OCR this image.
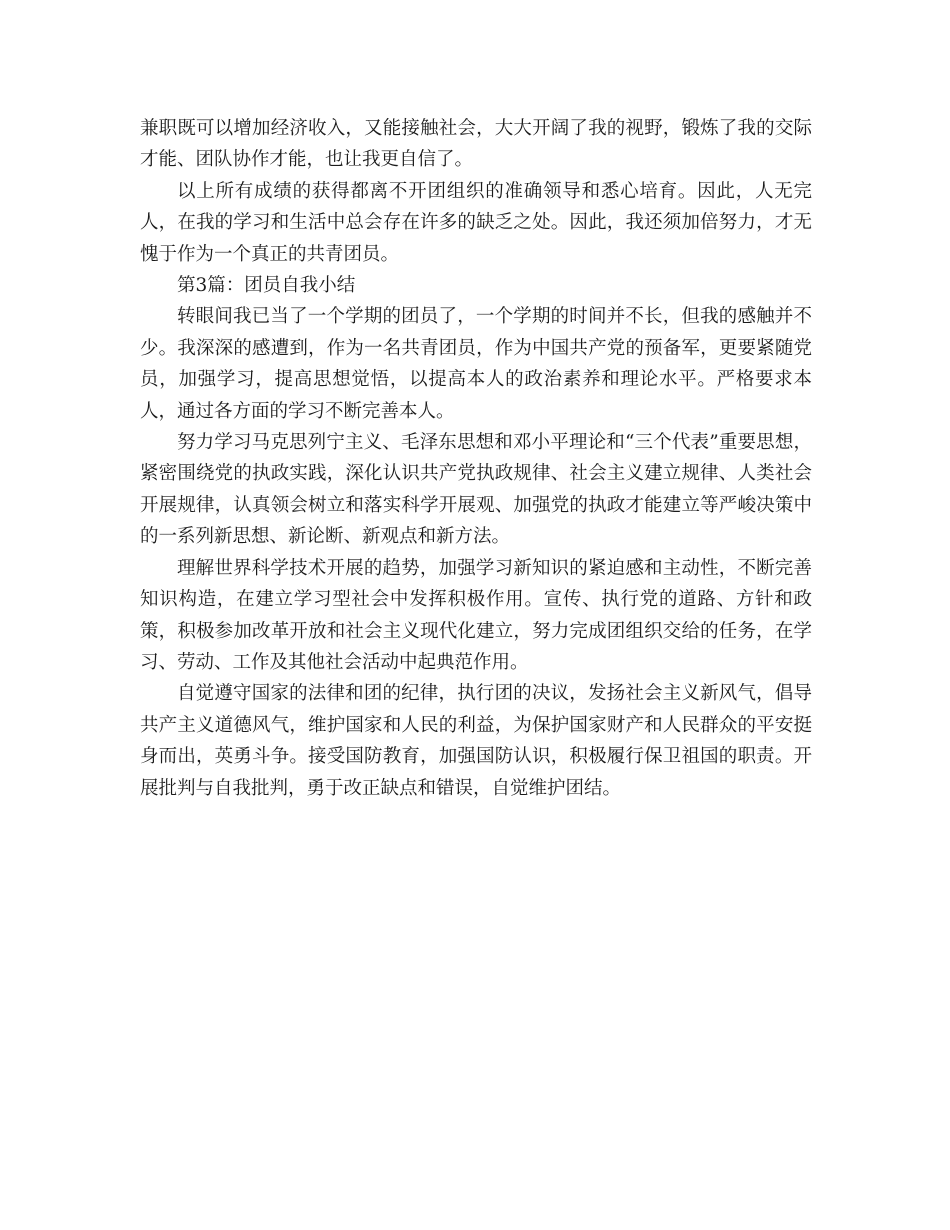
兼职既可以增加经济收入，又能接触社会，大大开阔了我的视野，锻炼了我的交际才能、团队协作才能，也让我更自信了。

以上所有成绩的获得都离不开团组织的准确领导和悉心培育。因此，人无完人，在我的学习和生活中总会存在许多的缺乏之处。因此，我还须加倍努力，才无愧于作为一个真正的共青团员。

第3篇：团员自我小结

转眼间我已当了一个学期的团员了，一个学期的时间并不长，但我的感触并不少。我深深的感遭到，作为一名共青团员，作为中国共产党的预备军，更要紧随党员，加强学习，提高思想觉悟，以提高本人的政治素养和理论水平。严格要求本人，通过各方面的学习不断完善本人。

努力学习马克思列宁主义、毛泽东思想和邓小平理论和“三个代表”重要思想，紧密围绕党的执政实践，深化认识共产党执政规律、社会主义建立规律、人类社会开展规律，认真领会树立和落实科学开展观、加强党的执政才能建立等严峻决策中的一系列新思想、新论断、新观点和新方法。

理解世界科学技术开展的趋势，加强学习新知识的紧迫感和主动性，不断完善知识构造，在建立学习型社会中发挥积极作用。宣传、执行党的道路、方针和政策，积极参加改革开放和社会主义现代化建立，努力完成团组织交给的任务，在学习、劳动、工作及其他社会活动中起典范作用。

自觉遵守国家的法律和团的纪律，执行团的决议，发扬社会主义新风气，倡导共产主义道德风气，维护国家和人民的利益，为保护国家财产和人民群众的平安挺身而出，英勇斗争。接受国防教育，加强国防认识，积极履行保卫祖国的职责。开展批判与自我批判，勇于改正缺点和错误，自觉维护团结。
